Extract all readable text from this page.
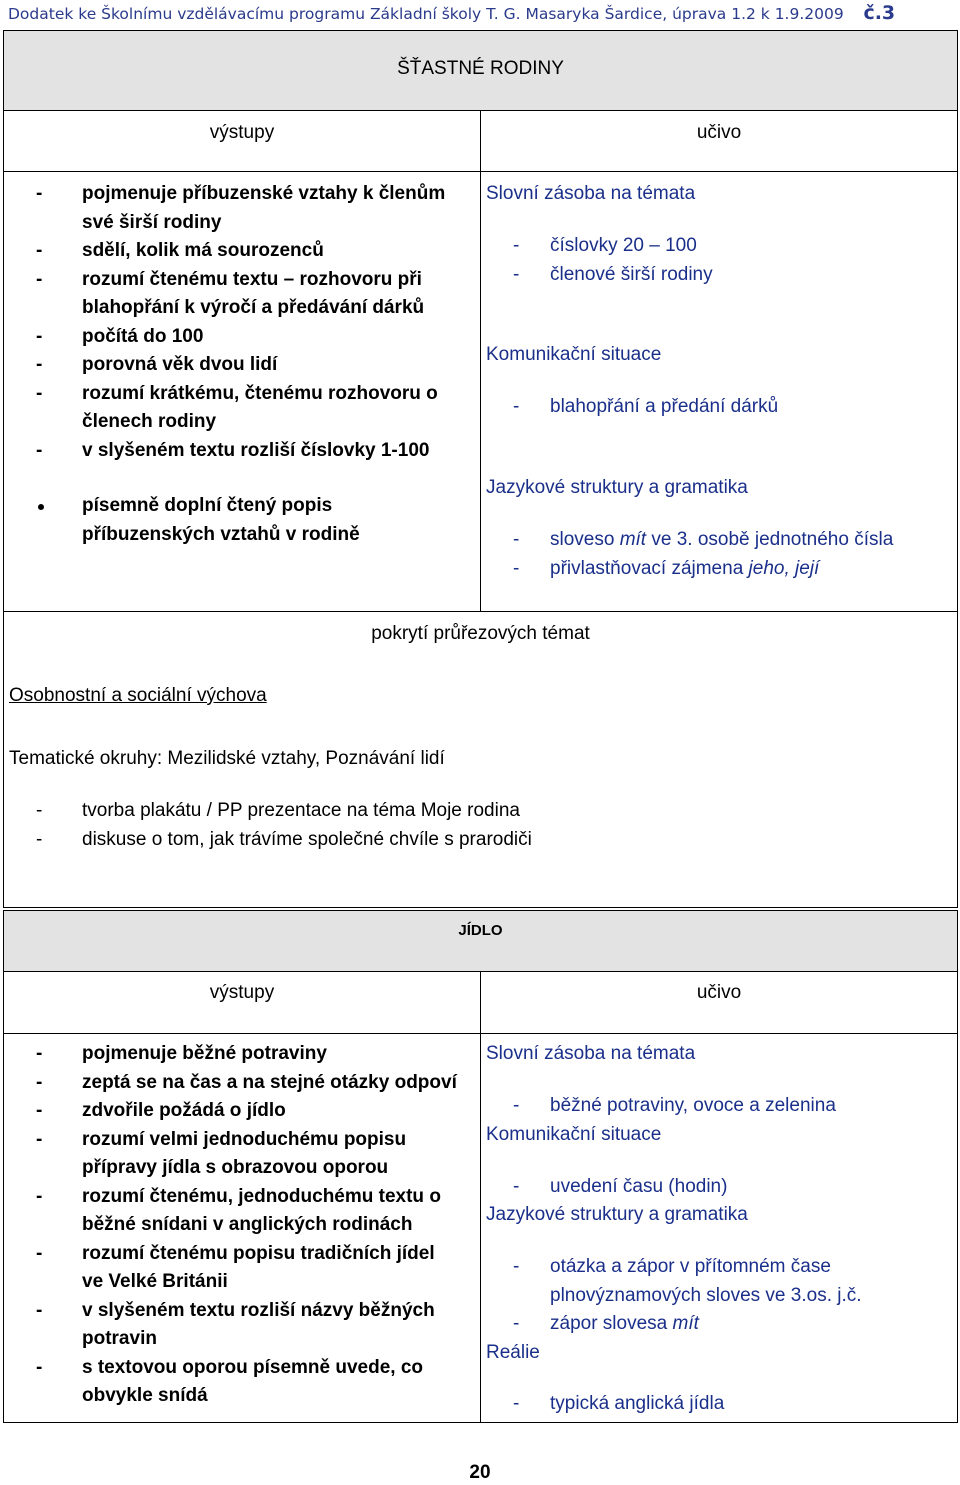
Dodatek ke Školnímu vzdělávacímu programu Základní školy T. G. Masaryka Šardice, úprava 1.2 k 1.9.2009 č.3
ŠŤASTNÉ RODINY
výstupy	učivo
- pojmenuje příbuzenské vztahy k členům
své širší rodiny
- sdělí, kolik má sourozenců
- rozumí čtenému textu – rozhovoru při
blahopřání k výročí a předávání dárků
- počítá do 100
- porovná věk dvou lidí
- rozumí krátkému, čtenému rozhovoru o
členech rodiny
- v slyšeném textu rozliší číslovky 1-100
písemně doplní čtený popis
příbuzenských vztahů v rodině
Slovní zásoba na témata
- číslovky 20 – 100
- členové širší rodiny
Komunikační situace
- blahopřání a předání dárků
Jazykové struktury a gramatika
- sloveso mít ve 3. osobě jednotného čísla
- přivlastňovací zájmena jeho, její
pokrytí průřezových témat
Osobnostní a sociální výchova
Tematické okruhy: Mezilidské vztahy, Poznávání lidí
- tvorba plakátu / PP prezentace na téma Moje rodina
- diskuse o tom, jak trávíme společné chvíle s prarodiči
JÍDLO
výstupy	učivo
- pojmenuje běžné potraviny
- zeptá se na čas a na stejné otázky odpoví
- zdvořile požádá o jídlo
- rozumí velmi jednoduchému popisu
přípravy jídla s obrazovou oporou
- rozumí čtenému, jednoduchému textu o
běžné snídani v anglických rodinách
- rozumí čtenému popisu tradičních jídel
ve Velké Británii
- v slyšeném textu rozliší názvy běžných
potravin
- s textovou oporou písemně uvede, co
obvykle snídá
Slovní zásoba na témata
- běžné potraviny, ovoce a zelenina
Komunikační situace
- uvedení času (hodin)
Jazykové struktury a gramatika
- otázka a zápor v přítomném čase
plnovýznamových sloves ve 3.os. j.č.
- zápor slovesa mít
Reálie
- typická anglická jídla
20
